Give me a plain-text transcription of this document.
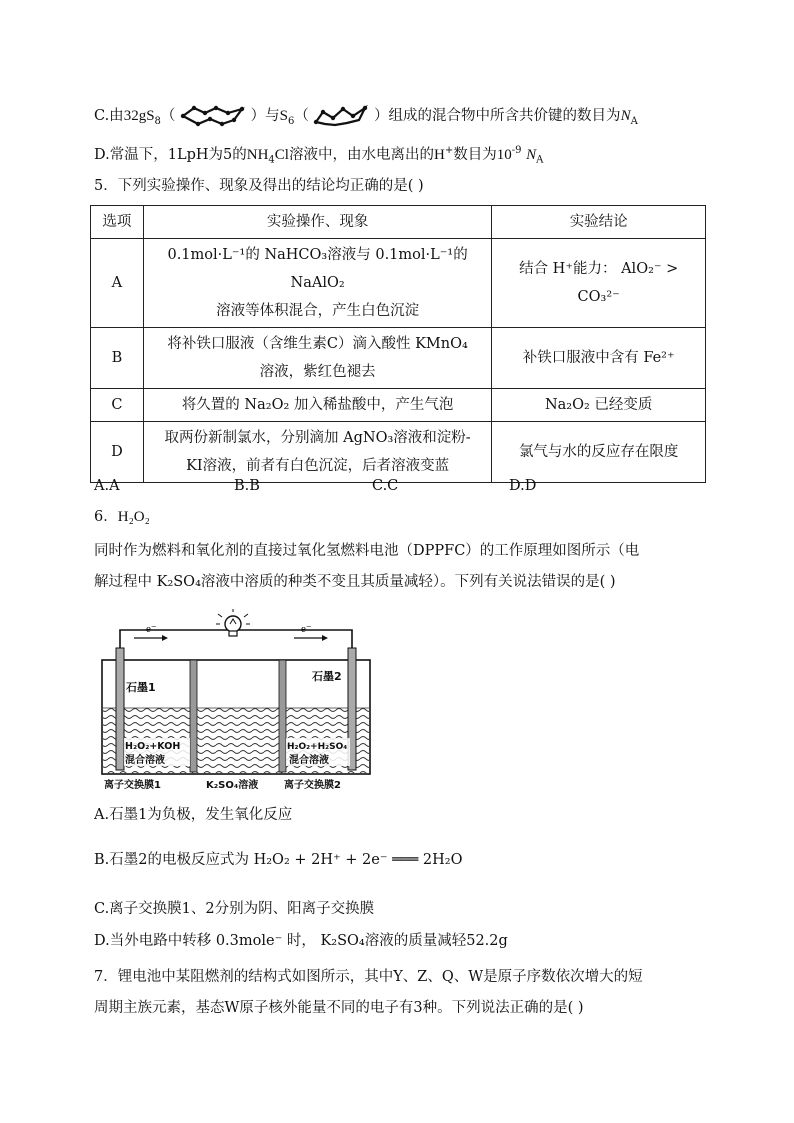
C.由$32gS_8$（	）与$S_6$（	）组成的混合物中所含共价键的数目为$N_A$
D.常温下，1LpH为5的$NH_4Cl$溶液中，由水电离出的H+数目为$10^{-9}$ $N_A$
5．下列实验操作、现象及得出的结论均正确的是( )
选项	实验操作、现象	实验结论
A	0.1mol·L⁻¹的 NaHCO₃溶液与 0.1mol·L⁻¹的 NaAlO₂
溶液等体积混合，产生白色沉淀	结合 H⁺能力： AlO₂⁻ > CO₃²⁻
B	将补铁口服液（含维生素C）滴入酸性 KMnO₄
溶液，紫红色褪去	补铁口服液中含有 Fe²⁺
C	将久置的 Na₂O₂ 加入稀盐酸中，产生气泡	Na₂O₂ 已经变质
D	取两份新制氯水，分别滴加 AgNO₃溶液和淀粉-
KI溶液，前者有白色沉淀，后者溶液变蓝	氯气与水的反应存在限度
A.A	B.B	C.C	D.D
6．H₂O₂
同时作为燃料和氧化剂的直接过氧化氢燃料电池（DPPFC）的工作原理如图所示（电
解过程中 K₂SO₄溶液中溶质的种类不变且其质量减轻）。下列有关说法错误的是( )
e⁻	e⁻
石墨1
石墨2
H₂O₂+KOH
混合溶液
H₂O₂+H₂SO₄
混合溶液
离子交换膜1	K₂SO₄溶液	离子交换膜2
A.石墨1为负极，发生氧化反应
B.石墨2的电极反应式为 H₂O₂ + 2H⁺ + 2e⁻ ═══ 2H₂O
C.离子交换膜1、2分别为阴、阳离子交换膜
D.当外电路中转移 0.3mole⁻ 时， K₂SO₄溶液的质量减轻52.2g
7．锂电池中某阻燃剂的结构式如图所示，其中Y、Z、Q、W是原子序数依次增大的短
周期主族元素，基态W原子核外能量不同的电子有3种。下列说法正确的是( )
